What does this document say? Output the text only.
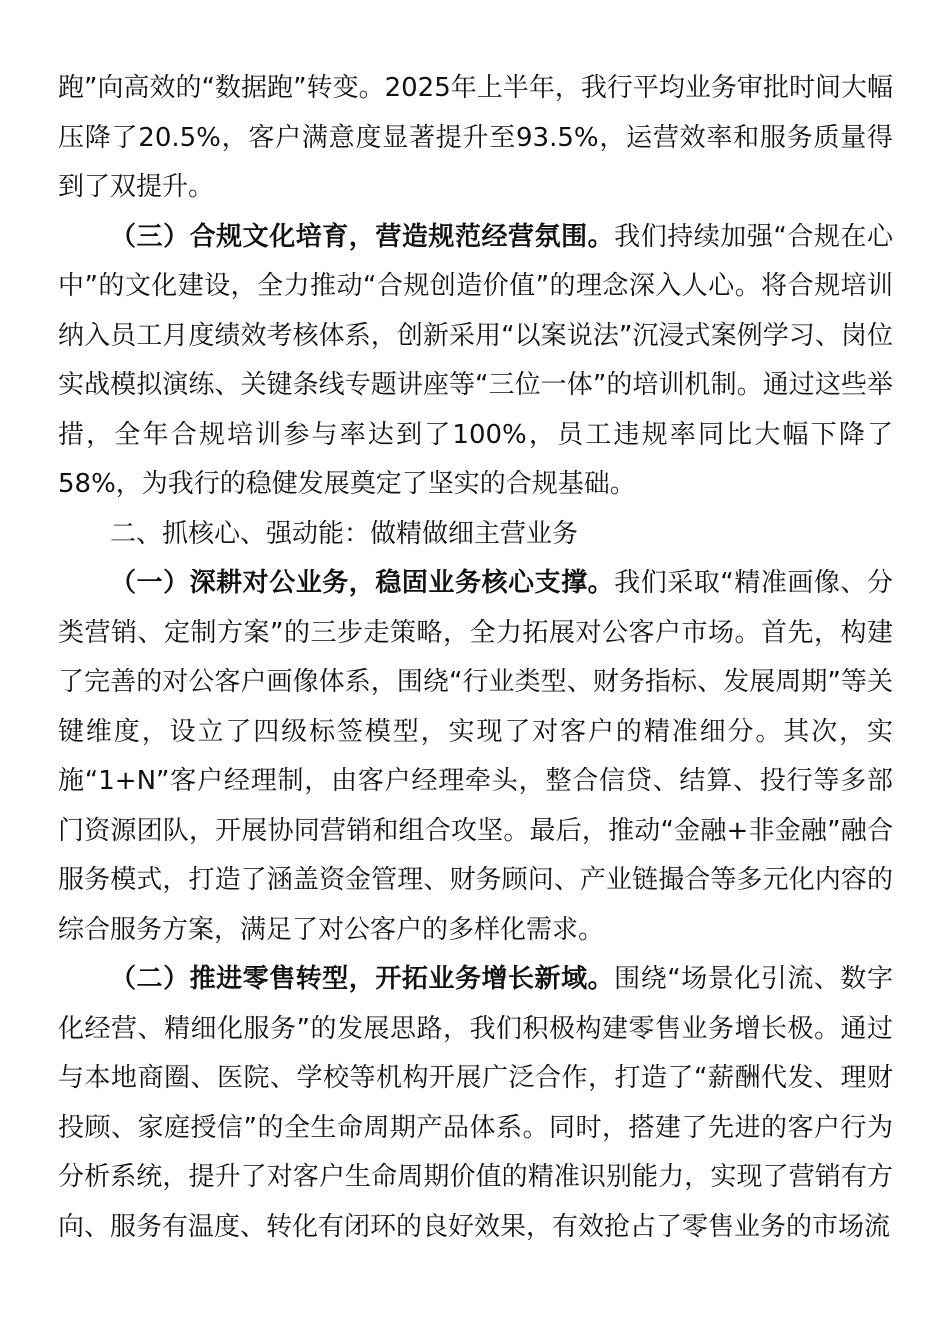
跑”向高效的“数据跑”转变。2025年上半年，我行平均业务审批时间大幅压降了20.5%，客户满意度显著提升至93.5%，运营效率和服务质量得到了双提升。

（三）合规文化培育，营造规范经营氛围。我们持续加强“合规在心中”的文化建设，全力推动“合规创造价值”的理念深入人心。将合规培训纳入员工月度绩效考核体系，创新采用“以案说法”沉浸式案例学习、岗位实战模拟演练、关键条线专题讲座等“三位一体”的培训机制。通过这些举措，全年合规培训参与率达到了100%，员工违规率同比大幅下降了58%，为我行的稳健发展奠定了坚实的合规基础。

二、抓核心、强动能：做精做细主营业务

（一）深耕对公业务，稳固业务核心支撑。我们采取“精准画像、分类营销、定制方案”的三步走策略，全力拓展对公客户市场。首先，构建了完善的对公客户画像体系，围绕“行业类型、财务指标、发展周期”等关键维度，设立了四级标签模型，实现了对客户的精准细分。其次，实施“1+N”客户经理制，由客户经理牵头，整合信贷、结算、投行等多部门资源团队，开展协同营销和组合攻坚。最后，推动“金融+非金融”融合服务模式，打造了涵盖资金管理、财务顾问、产业链撮合等多元化内容的综合服务方案，满足了对公客户的多样化需求。

（二）推进零售转型，开拓业务增长新域。围绕“场景化引流、数字化经营、精细化服务”的发展思路，我们积极构建零售业务增长极。通过与本地商圈、医院、学校等机构开展广泛合作，打造了“薪酬代发、理财投顾、家庭授信”的全生命周期产品体系。同时，搭建了先进的客户行为分析系统，提升了对客户生命周期价值的精准识别能力，实现了营销有方向、服务有温度、转化有闭环的良好效果，有效抢占了零售业务的市场流
